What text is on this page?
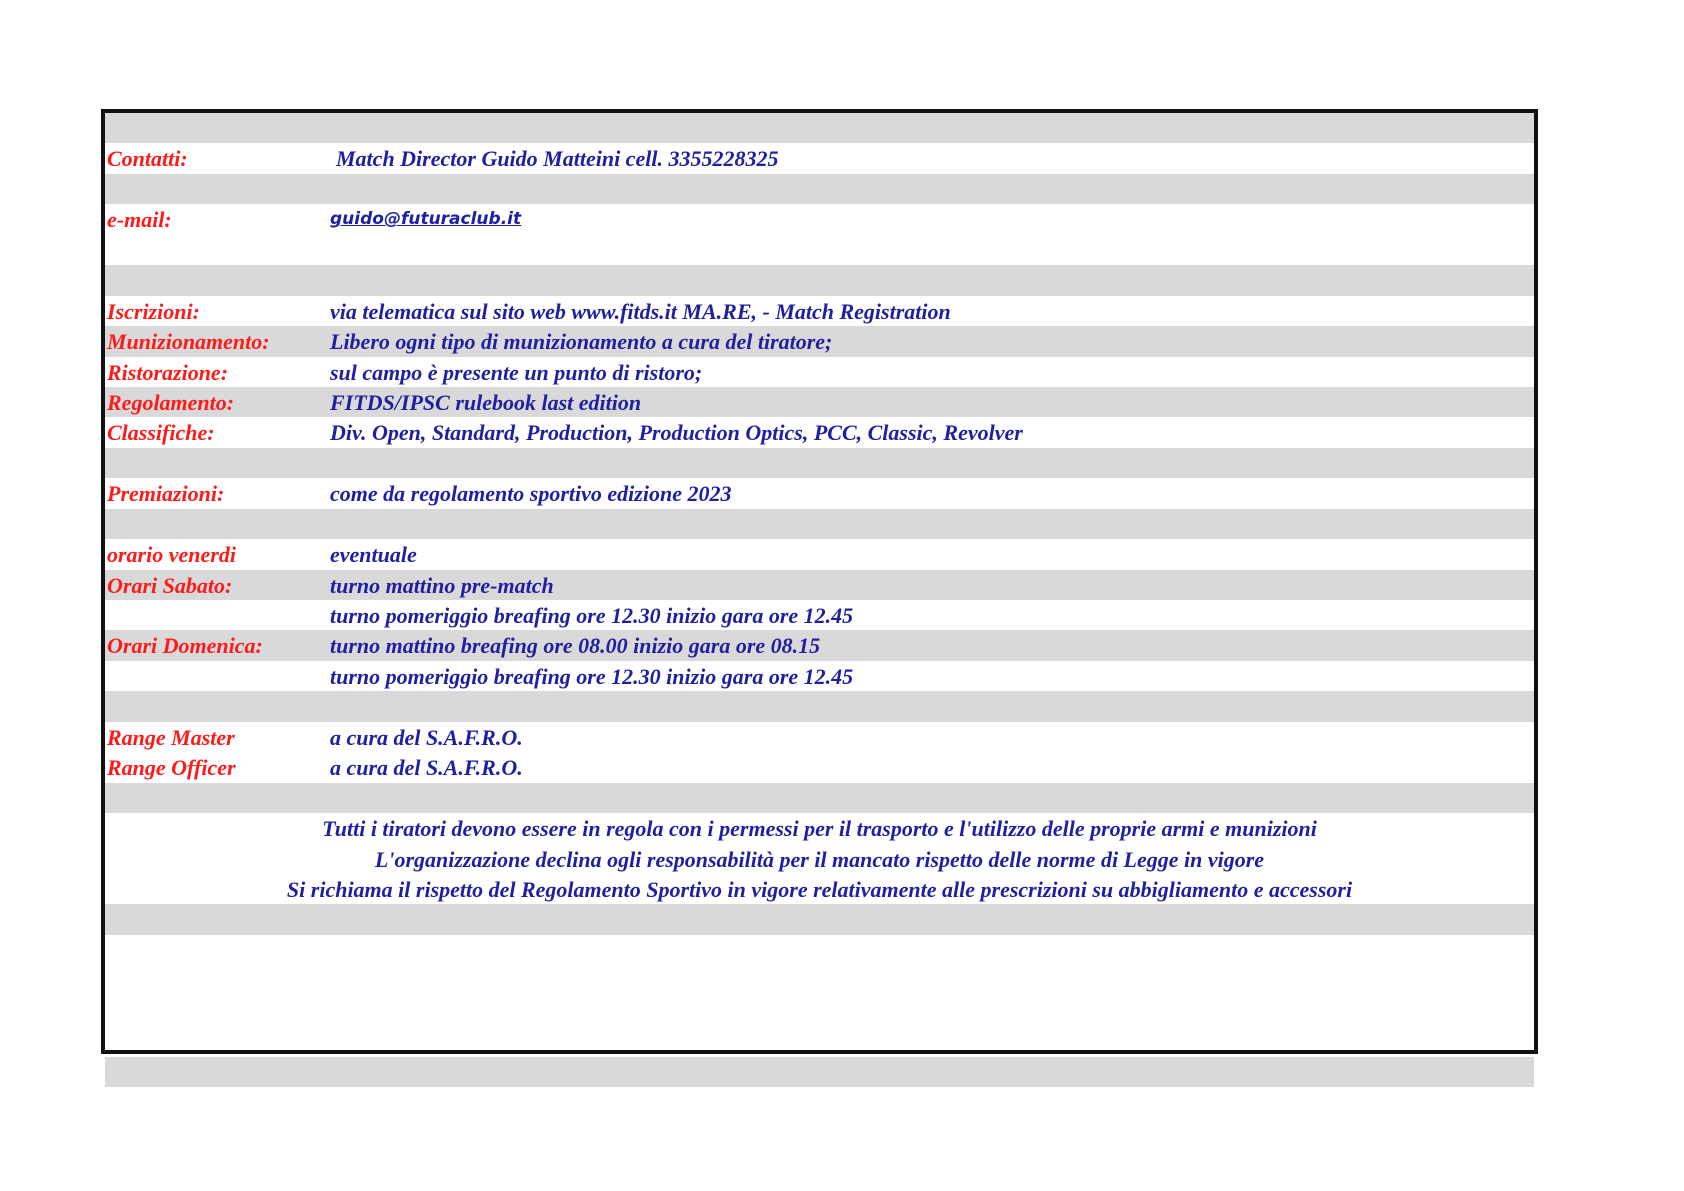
Contatti:	Match Director Guido Matteini cell. 3355228325
e-mail:	guido@futuraclub.it
Iscrizioni:	via telematica sul sito web www.fitds.it MA.RE, - Match Registration
Munizionamento:	Libero ogni tipo di munizionamento a cura del tiratore;
Ristorazione:	sul campo è presente un punto di ristoro;
Regolamento:	FITDS/IPSC rulebook last edition
Classifiche:	Div. Open, Standard, Production, Production Optics, PCC, Classic, Revolver
Premiazioni:	come da regolamento sportivo edizione 2023
orario venerdi	eventuale
Orari Sabato:	turno mattino pre-match
turno pomeriggio breafing ore 12.30 inizio gara ore 12.45
Orari Domenica:	turno mattino breafing ore 08.00 inizio gara ore 08.15
turno pomeriggio breafing ore 12.30 inizio gara ore 12.45
Range Master	a cura del S.A.F.R.O.
Range Officer	a cura del S.A.F.R.O.
Tutti i tiratori devono essere in regola con i permessi per il trasporto e l'utilizzo delle proprie armi e munizioni
L'organizzazione declina ogli responsabilità per il mancato rispetto delle norme di Legge in vigore
Si richiama il rispetto del Regolamento Sportivo in vigore relativamente alle prescrizioni su abbigliamento e accessori
